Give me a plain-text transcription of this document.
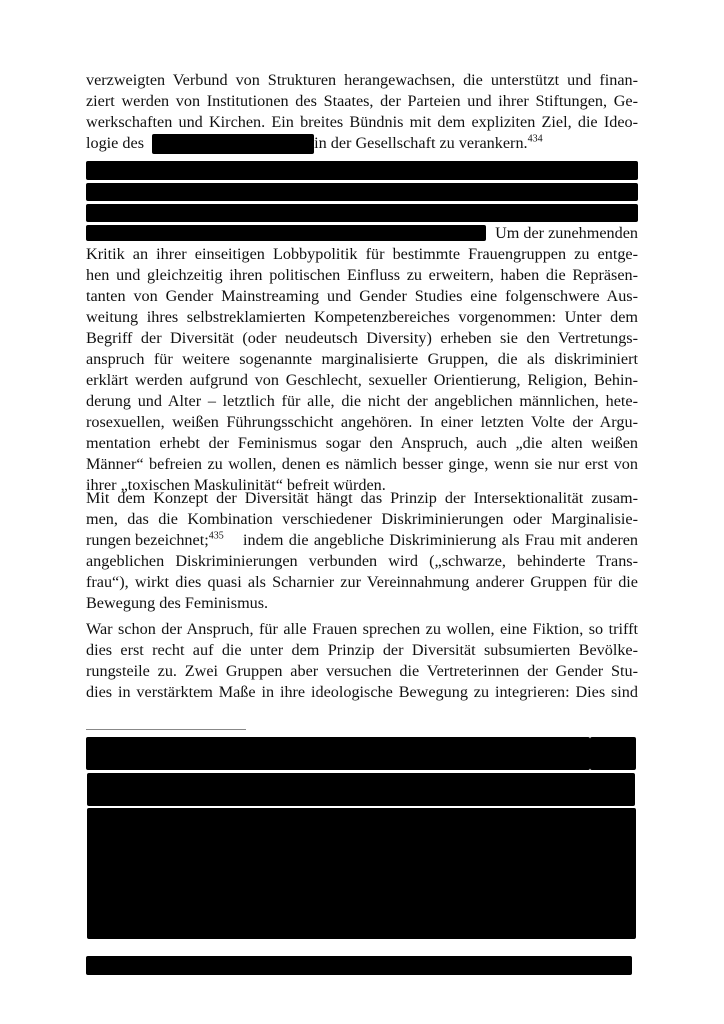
verzweigten Verbund von Strukturen herangewachsen, die unterstützt und finan-
ziert werden von Institutionen des Staates, der Parteien und ihrer Stiftungen, Ge-
werkschaften und Kirchen. Ein breites Bündnis mit dem expliziten Ziel, die Ideo-
logie des	in der Gesellschaft zu verankern.$^{434}$
Um der zunehmenden
Kritik an ihrer einseitigen Lobbypolitik für bestimmte Frauengruppen zu entge-
hen und gleichzeitig ihren politischen Einfluss zu erweitern, haben die Repräsen-
tanten von Gender Mainstreaming und Gender Studies eine folgenschwere Aus-
weitung ihres selbstreklamierten Kompetenzbereiches vorgenommen: Unter dem
Begriff der Diversität (oder neudeutsch Diversity) erheben sie den Vertretungs-
anspruch für weitere sogenannte marginalisierte Gruppen, die als diskriminiert
erklärt werden aufgrund von Geschlecht, sexueller Orientierung, Religion, Behin-
derung und Alter – letztlich für alle, die nicht der angeblichen männlichen, hete-
rosexuellen, weißen Führungsschicht angehören. In einer letzten Volte der Argu-
mentation erhebt der Feminismus sogar den Anspruch, auch „die alten weißen
Männer“ befreien zu wollen, denen es nämlich besser ginge, wenn sie nur erst von
ihrer „toxischen Maskulinität“ befreit würden.
Mit dem Konzept der Diversität hängt das Prinzip der Intersektionalität zusam-
men, das die Kombination verschiedener Diskriminierungen oder Marginalisie-
rungen bezeichnet;$^{435}$ indem die angebliche Diskriminierung als Frau mit anderen
angeblichen Diskriminierungen verbunden wird („schwarze, behinderte Trans-
frau“), wirkt dies quasi als Scharnier zur Vereinnahmung anderer Gruppen für die
Bewegung des Feminismus.
War schon der Anspruch, für alle Frauen sprechen zu wollen, eine Fiktion, so trifft
dies erst recht auf die unter dem Prinzip der Diversität subsumierten Bevölke-
rungsteile zu. Zwei Gruppen aber versuchen die Vertreterinnen der Gender Stu-
dies in verstärktem Maße in ihre ideologische Bewegung zu integrieren: Dies sind
